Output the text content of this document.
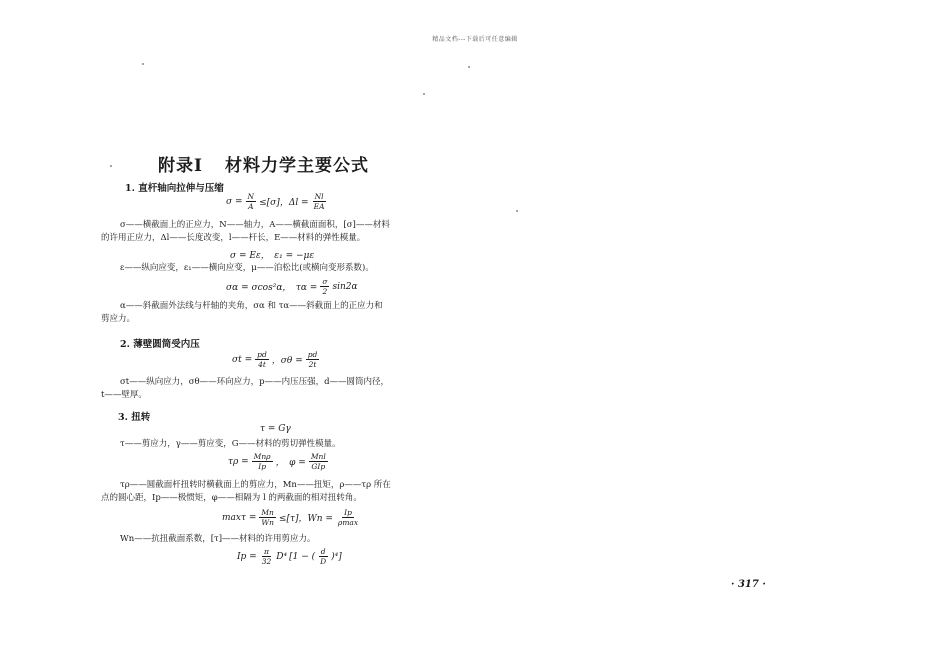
精品文档---下载后可任意编辑
附录Ⅰ 材料力学主要公式
1. 直杆轴向拉伸与压缩
$\sigma = \frac{N}{A} \le[\sigma]$，$\Delta l = \frac{Nl}{EA}$
σ——横截面上的正应力，N——轴力，A——横截面面积，[σ]——材料
的许用正应力，Δl——长度改变，l——杆长，E——材料的弹性模量。
σ = Eε，　ε₁ = −με
ε——纵向应变，ε₁——横向应变，μ——泊松比(或横向变形系数)。
σα = σcos²α，　$\tau\alpha = \frac{\sigma}{2} \sin 2\alpha$
α——斜截面外法线与杆轴的夹角，σα 和 τα——斜截面上的正应力和
剪应力。
2. 薄壁圆筒受内压
$\sigma t = \frac{pd}{4t}$ ，$\sigma\theta = \frac{pd}{2t}$
σt——纵向应力，σθ——环向应力，p——内压压强，d——圆筒内径，
t——壁厚。
3. 扭转
τ = Gγ
τ——剪应力，γ——剪应变，G——材料的剪切弹性模量。
$\tau\rho = \frac{\text{Mnρ}}{Ip}$ ，　$\varphi = \frac{\text{Mnl}}{\text{GIp}}$
τρ——圆截面杆扭转时横截面上的剪应力，Mn——扭矩，ρ——τρ 所在
点的圆心距，Ip——极惯矩，φ——相隔为 l 的两截面的相对扭转角。
$\max\tau = \frac{Mn}{Wn} \le[\tau]$，$Wn = \frac{Ip}{\rho\max}$
Wn——抗扭截面系数，[τ]——材料的许用剪应力。
$Ip = \frac{\pi}{32} D^4$ [1 − ( $\frac{d}{D} )^4$]
· 317 ·
